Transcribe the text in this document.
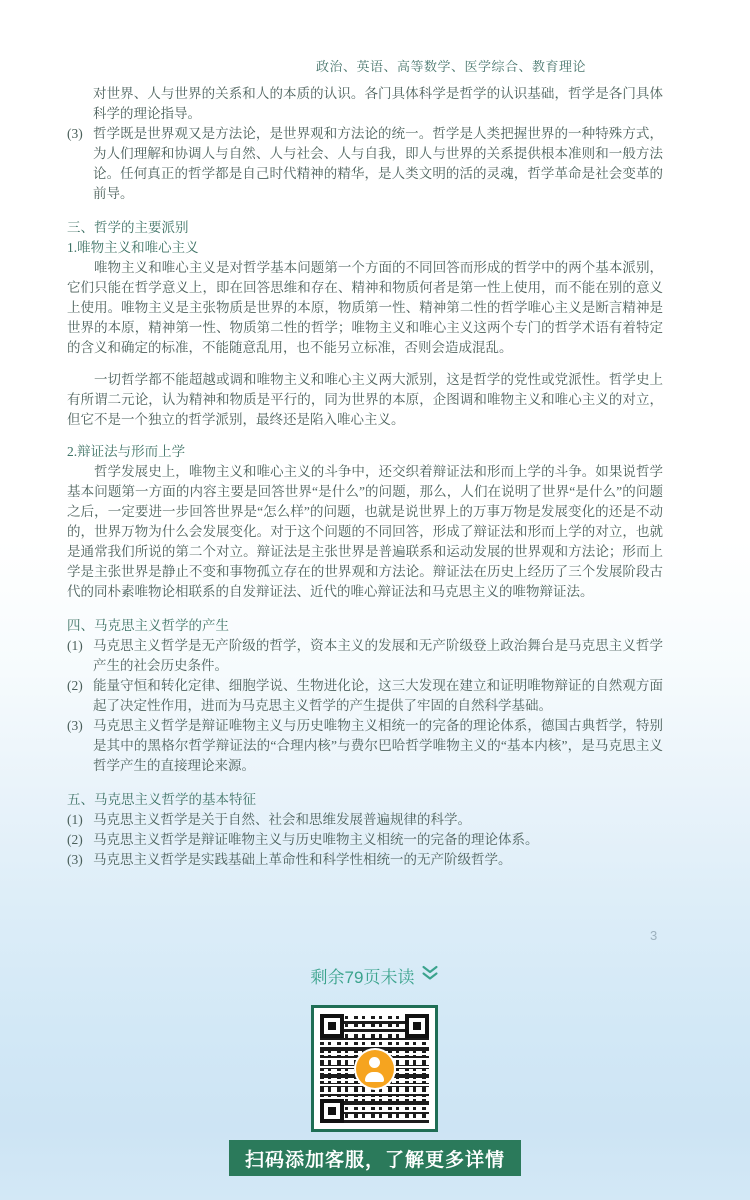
政治、英语、高等数学、医学综合、教育理论

对世界、人与世界的关系和人的本质的认识。各门具体科学是哲学的认识基础，哲学是各门具体科学的理论指导。

(3) 哲学既是世界观又是方法论，是世界观和方法论的统一。哲学是人类把握世界的一种特殊方式，为人们理解和协调人与自然、人与社会、人与自我，即人与世界的关系提供根本准则和一般方法论。任何真正的哲学都是自己时代精神的精华，是人类文明的活的灵魂，哲学革命是社会变革的前导。
三、哲学的主要派别
1.唯物主义和唯心主义

唯物主义和唯心主义是对哲学基本问题第一个方面的不同回答而形成的哲学中的两个基本派别，它们只能在哲学意义上，即在回答思维和存在、精神和物质何者是第一性上使用，而不能在别的意义上使用。唯物主义是主张物质是世界的本原，物质第一性、精神第二性的哲学唯心主义是断言精神是世界的本原，精神第一性、物质第二性的哲学；唯物主义和唯心主义这两个专门的哲学术语有着特定的含义和确定的标准，不能随意乱用，也不能另立标准，否则会造成混乱。

一切哲学都不能超越或调和唯物主义和唯心主义两大派别，这是哲学的党性或党派性。哲学史上有所谓二元论，认为精神和物质是平行的，同为世界的本原，企图调和唯物主义和唯心主义的对立，但它不是一个独立的哲学派别，最终还是陷入唯心主义。

2.辩证法与形而上学

哲学发展史上，唯物主义和唯心主义的斗争中，还交织着辩证法和形而上学的斗争。如果说哲学基本问题第一方面的内容主要是回答世界“是什么”的问题，那么，人们在说明了世界“是什么”的问题之后，一定要进一步回答世界是“怎么样”的问题，也就是说世界上的万事万物是发展变化的还是不动的，世界万物为什么会发展变化。对于这个问题的不同回答，形成了辩证法和形而上学的对立，也就是通常我们所说的第二个对立。辩证法是主张世界是普遍联系和运动发展的世界观和方法论；形而上学是主张世界是静止不变和事物孤立存在的世界观和方法论。辩证法在历史上经历了三个发展阶段古代的同朴素唯物论相联系的自发辩证法、近代的唯心辩证法和马克思主义的唯物辩证法。

四、马克思主义哲学的产生
(1) 马克思主义哲学是无产阶级的哲学，资本主义的发展和无产阶级登上政治舞台是马克思主义哲学产生的社会历史条件。
(2) 能量守恒和转化定律、细胞学说、生物进化论，这三大发现在建立和证明唯物辩证的自然观方面起了决定性作用，进而为马克思主义哲学的产生提供了牢固的自然科学基础。
(3) 马克思主义哲学是辩证唯物主义与历史唯物主义相统一的完备的理论体系，德国古典哲学，特别是其中的黑格尔哲学辩证法的“合理内核”与费尔巴哈哲学唯物主义的“基本内核”，是马克思主义哲学产生的直接理论来源。
五、马克思主义哲学的基本特征
(1) 马克思主义哲学是关于自然、社会和思维发展普遍规律的科学。
(2) 马克思主义哲学是辩证唯物主义与历史唯物主义相统一的完备的理论体系。
(3) 马克思主义哲学是实践基础上革命性和科学性相统一的无产阶级哲学。
3
剩余79页未读
扫码添加客服，了解更多详情
